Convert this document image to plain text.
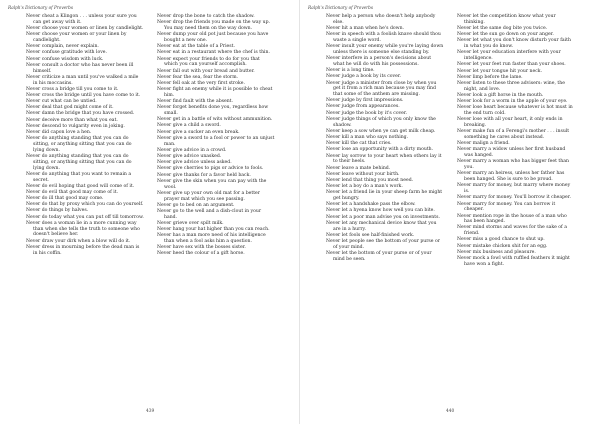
Ralph's Dictionary of Proverbs
Never cheat a Klingon . . . unless your sure you can get away with it.
Never choose your women or linen by candlelight.
Never choose your women or your linen by candlelight.
Never complain, never explain.
Never confuse gratitude with love.
Never confuse wisdom with luck.
Never consult a doctor who has never been ill himself.
Never criticize a man until you've walked a mile in his moccasins.
Never cross a bridge till you come to it.
Never cross the bridge until you have come to it.
Never cut what can be untied.
Never deal that god might come of it.
Never damn the bridge that you have crossed.
Never deceive more than what you eat.
Never descend to vulgarity even in joking.
Never did capon love a hen.
Never do anything standing that you can do sitting, or anything sitting that you can do lying down.
Never do anything standing that you can do sitting, or anything sitting that you can do lying down.
Never do anything that you want to remain a secret.
Never do evil hoping that good will come of it.
Never do evil that good may come of it.
Never do ill that good may come.
Never do that by proxy which you can do yourself.
Never do things by halves.
Never do today what you can put off till tomorrow.
Never does a woman lie in a more cunning way than when she tells the truth to someone who doesn't believe her.
Never draw your dirk when a blow will do it.
Never dress in mourning before the dead man is in his coffin.
Never drop the bone to catch the shadow.
Never drop the friends you made on the way up. You may need them on the way down.
Never dump your old pot just because you have bought a new one.
Never eat at the table of a Priest.
Never eat in a restaurant where the chef is thin.
Never expect your friends to do for you that which you can yourself accomplish.
Never fall out with your bread and butter.
Never fear the sea, fear the storm.
Never fell oak at the very first stroke.
Never fight an enemy while it is possible to cheat him.
Never find fault with the absent.
Never forget benefits done you, regardless how small.
Never get in a battle of wits without ammunition.
Never give a child a sword.
Never give a sucker an even break.
Never give a sword to a fool or power to an unjust man.
Never give advice in a crowd.
Never give advice unasked.
Never give advice unless asked.
Never give cherries to pigs or advice to fools.
Never give thanks for a favor held back.
Never give the skin when you can pay with the wool.
Never give up your own old mat for a better prayer mat which you see passing.
Never go to bed on an argument.
Never go to the well and a dish-clout in your hand.
Never grieve over spilt milk.
Never hang your hat higher than you can reach.
Never has a man more need of his intelligence than when a fool asks him a question.
Never have sex with the bosses sister.
Never heed the colour of a gift horse.
439
Ralph's Dictionary of Proverbs
Never help a person who doesn't help anybody else.
Never hit a man when he's down.
Never in speech with a foolish knave should thou waste a single word.
Never insult your enemy while you're laying down unless there is someone else standing by.
Never interfere in a person's decisions about what he will do with his possessions.
Never is a long time.
Never judge a book by its cover.
Never judge a minister from close by when you get it from a rich man because you may find that some of the anthem are missing.
Never judge by first impressions.
Never judge from appearances.
Never judge the book by it's cover.
Never judge things of which you only know the shadow.
Never keep a sow when ye can get milk cheap.
Never kill a man who says nothing.
Never kill the cat that cries.
Never lose an opportunity with a dirty mouth.
Never lay sorrow to your heart when others lay it to their heels.
Never leave a mate behind.
Never leave without your birth.
Never lend that thing you most need.
Never let a boy do a man's work.
Never let a friend lie in your sheep farm he might get hungry.
Never let a handshake pass the elbow.
Never let a hyena know how well you can bite.
Never let a poor man advise you on investments.
Never let any mechanical device know that you are in a hurry.
Never let fools see half-finished work.
Never let people see the bottom of your purse or of your mind.
Never let the bottom of your purse or of your mind be seen.
Never let the competition know what your thinking.
Never let the same dog bite you twice.
Never let the sun go down on your anger.
Never let what you don't know disturb your faith in what you do know.
Never let your education interfere with your intelligence.
Never let your feet run faster than your shoes.
Never let your tongue hit your neck.
Never limp before the lame.
Never listen to these three advisers: wine, the night, and love.
Never look a gift horse in the mouth.
Never look for a worm in the apple of your eye.
Never lose heart because whatever is hot must in the end turn cold.
Never lose with all your heart, it only ends in breaking.
Never make fun of a Ferengi's mother . . . insult something he cares about instead.
Never malign a friend.
Never marry a widow unless her first husband was hanged.
Never marry a woman who has bigger feet than you.
Never marry an heiress, unless her father has been hanged. She is sure to be proud.
Never marry for money, but marry where money is.
Never marry for money. You'll borrow it cheaper.
Never marry for money. You can borrow it cheaper.
Never mention rope in the house of a man who has been hanged.
Never mind storms and waves for the sake of a friend.
Never miss a good chance to shut up.
Never mistake chicken shit for an egg.
Never mix business and pleasure.
Never mock a fowl with ruffled feathers it might have won a fight.
440
